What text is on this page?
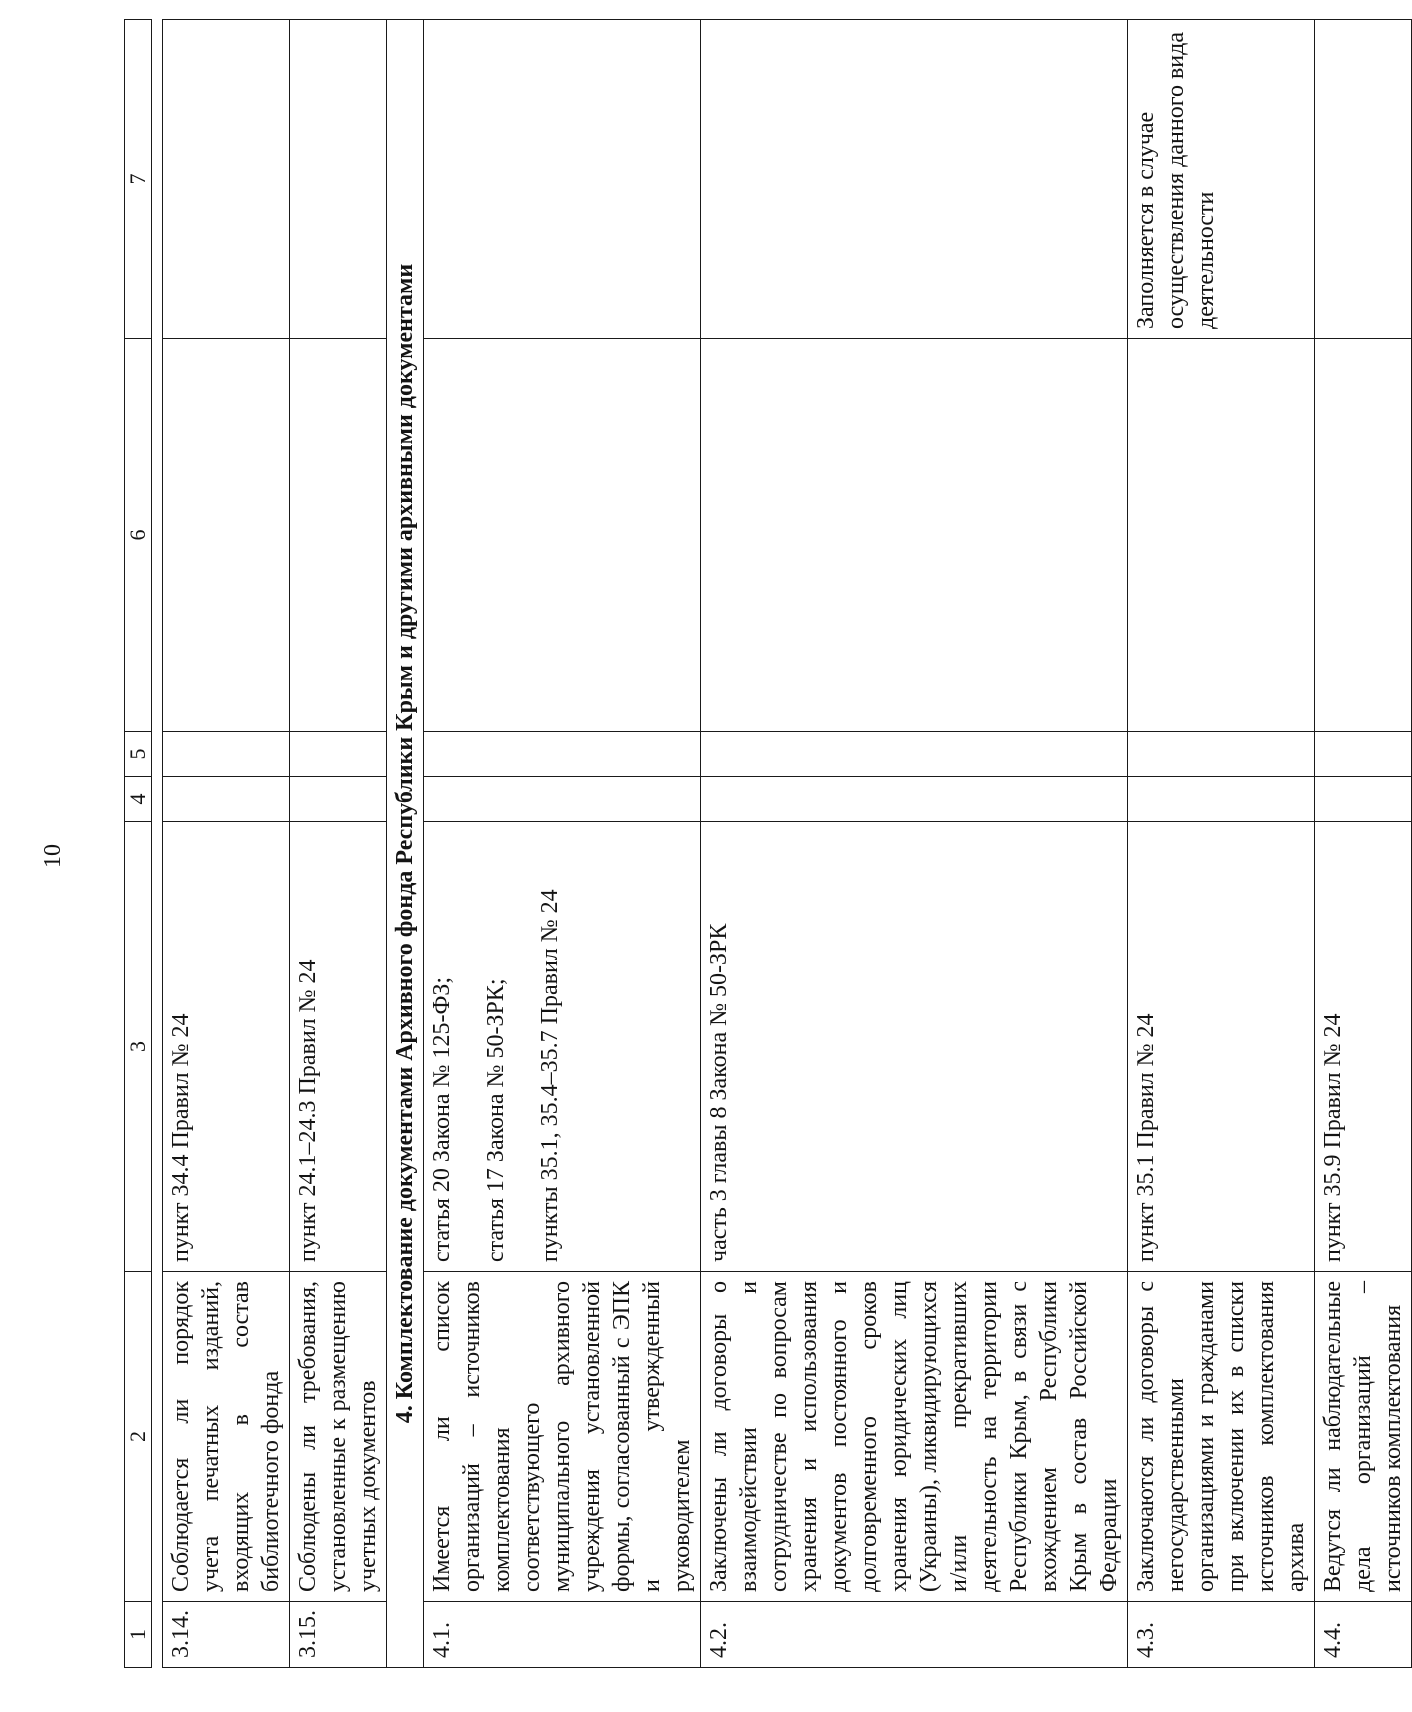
10
1	2	3	4	5	6	7

3.14.	Соблюдается ли порядок учета печатных изданий, входящих в состав библиотечного фонда	пункт 34.4 Правил № 24				

3.15.	Соблюдены ли требования, установленные к размещению учетных документов	пункт 24.1–24.3 Правил № 24				

4. Комплектование документами Архивного фонда Республики Крым и другими архивными документами						
4.1.	Имеется ли список организаций – источников комплектования соответствующего муниципального архивного учреждения установленной формы, согласованный с ЭПК и утвержденный руководителем	статья 20 Закона № 125-ФЗ; статья 17 Закона № 50-ЗРК; пункты 35.1, 35.4–35.7 Правил № 24				

4.2.	Заключены ли договоры о взаимодействии и сотрудничестве по вопросам хранения и использования документов постоянного и долговременного сроков хранения юридических лиц (Украины), ликвидирующихся и/или прекративших деятельность на территории Республики Крым, в связи с вхождением Республики Крым в состав Российской Федерации	часть 3 главы 8 Закона № 50-ЗРК				

4.3.	Заключаются ли договоры с негосударственными организациями и гражданами при включении их в списки источников комплектования архива	пункт 35.1 Правил № 24				Заполняется в случае осуществления данного вида деятельности
4.4.	Ведутся ли наблюдательные дела организаций – источников комплектования	пункт 35.9 Правил № 24				
